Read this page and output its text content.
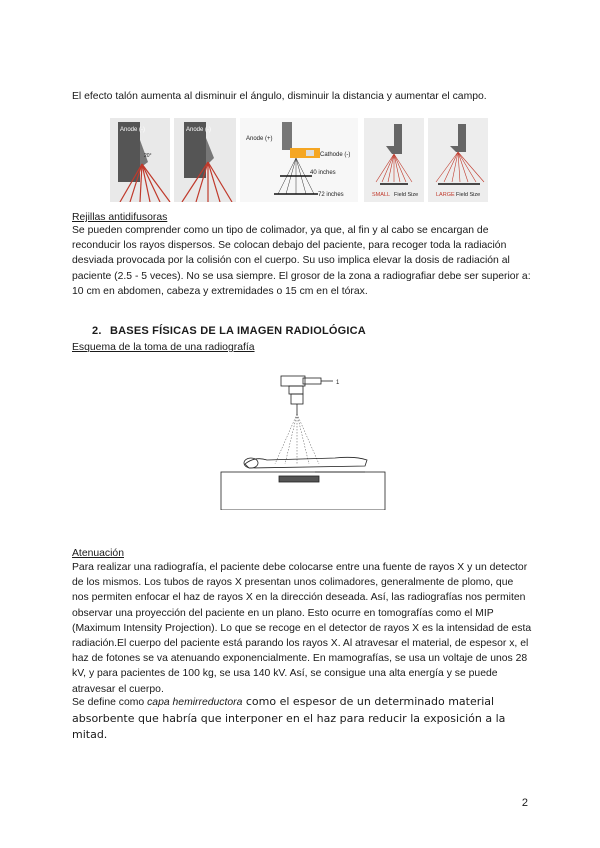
El efecto talón aumenta al disminuir el ángulo, disminuir la distancia y aumentar el campo.

Anode (-)
20°
Anode (-)
Anode (+)
Cathode (-)
40 inches
72 inches	SMALL Field Size	LARGE Field Size

Rejillas antidifusoras

Se pueden comprender como un tipo de colimador, ya que, al fin y al cabo se encargan de reconducir los rayos dispersos. Se colocan debajo del paciente, para recoger toda la radiación desviada provocada por la colisión con el cuerpo. Su uso implica elevar la dosis de radiación al paciente (2.5 - 5 veces). No se usa siempre. El grosor de la zona a radiografiar debe ser superior a: 10 cm en abdomen, cabeza y extremidades o 15 cm en el tórax.

2. BASES FÍSICAS DE LA IMAGEN RADIOLÓGICA

Esquema de la toma de una radiografía

1

Atenuación

Para realizar una radiografía, el paciente debe colocarse entre una fuente de rayos X y un detector de los mismos. Los tubos de rayos X presentan unos colimadores, generalmente de plomo, que nos permiten enfocar el haz de rayos X en la dirección deseada. Así, las radiografías nos permiten observar una proyección del paciente en un plano. Esto ocurre en tomografías como el MIP (Maximum Intensity Projection). Lo que se recoge en el detector de rayos X es la intensidad de esta radiación.El cuerpo del paciente está parando los rayos X. Al atravesar el material, de espesor x, el haz de fotones se va atenuando exponencialmente. En mamografías, se usa un voltaje de unos 28 kV, y para pacientes de 100 kg, se usa 140 kV. Así, se consigue una alta energía y se puede atravesar el cuerpo.

Se define como capa hemirreductora como el espesor de un determinado material absorbente que habría que interponer en el haz para reducir la exposición a la mitad.

2
